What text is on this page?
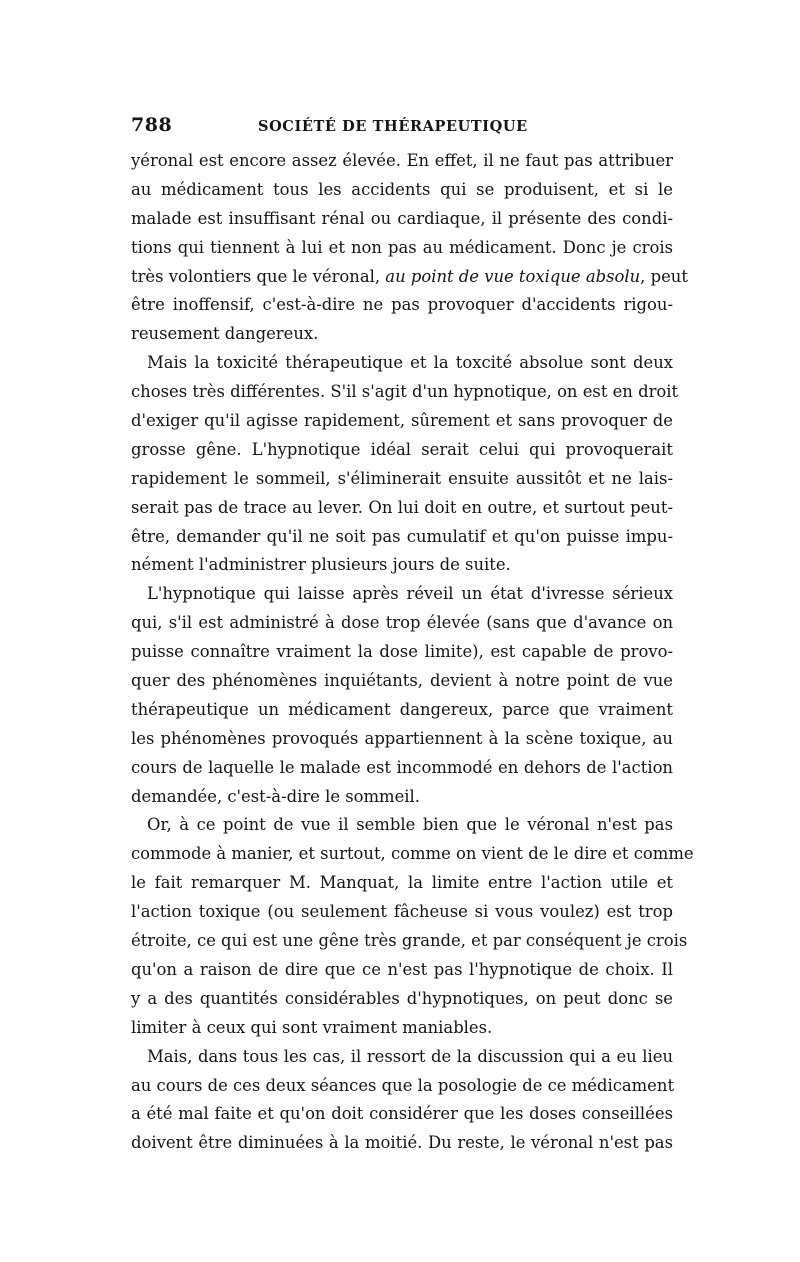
788	SOCIÉTÉ DE THÉRAPEUTIQUE
yéronal est encore assez élevée. En effet, il ne faut pas attribuer
au médicament tous les accidents qui se produisent, et si le
malade est insuffisant rénal ou cardiaque, il présente des condi-
tions qui tiennent à lui et non pas au médicament. Donc je crois
très volontiers que le véronal, au point de vue toxique absolu, peut
être inoffensif, c'est-à-dire ne pas provoquer d'accidents rigou-
reusement dangereux.
Mais la toxicité thérapeutique et la toxcité absolue sont deux
choses très différentes. S'il s'agit d'un hypnotique, on est en droit
d'exiger qu'il agisse rapidement, sûrement et sans provoquer de
grosse gêne. L'hypnotique idéal serait celui qui provoquerait
rapidement le sommeil, s'éliminerait ensuite aussitôt et ne lais-
serait pas de trace au lever. On lui doit en outre, et surtout peut-
être, demander qu'il ne soit pas cumulatif et qu'on puisse impu-
nément l'administrer plusieurs jours de suite.
L'hypnotique qui laisse après réveil un état d'ivresse sérieux
qui, s'il est administré à dose trop élevée (sans que d'avance on
puisse connaître vraiment la dose limite), est capable de provo-
quer des phénomènes inquiétants, devient à notre point de vue
thérapeutique un médicament dangereux, parce que vraiment
les phénomènes provoqués appartiennent à la scène toxique, au
cours de laquelle le malade est incommodé en dehors de l'action
demandée, c'est-à-dire le sommeil.
Or, à ce point de vue il semble bien que le véronal n'est pas
commode à manier, et surtout, comme on vient de le dire et comme
le fait remarquer M. Manquat, la limite entre l'action utile et
l'action toxique (ou seulement fâcheuse si vous voulez) est trop
étroite, ce qui est une gêne très grande, et par conséquent je crois
qu'on a raison de dire que ce n'est pas l'hypnotique de choix. Il
y a des quantités considérables d'hypnotiques, on peut donc se
limiter à ceux qui sont vraiment maniables.
Mais, dans tous les cas, il ressort de la discussion qui a eu lieu
au cours de ces deux séances que la posologie de ce médicament
a été mal faite et qu'on doit considérer que les doses conseillées
doivent être diminuées à la moitié. Du reste, le véronal n'est pas
